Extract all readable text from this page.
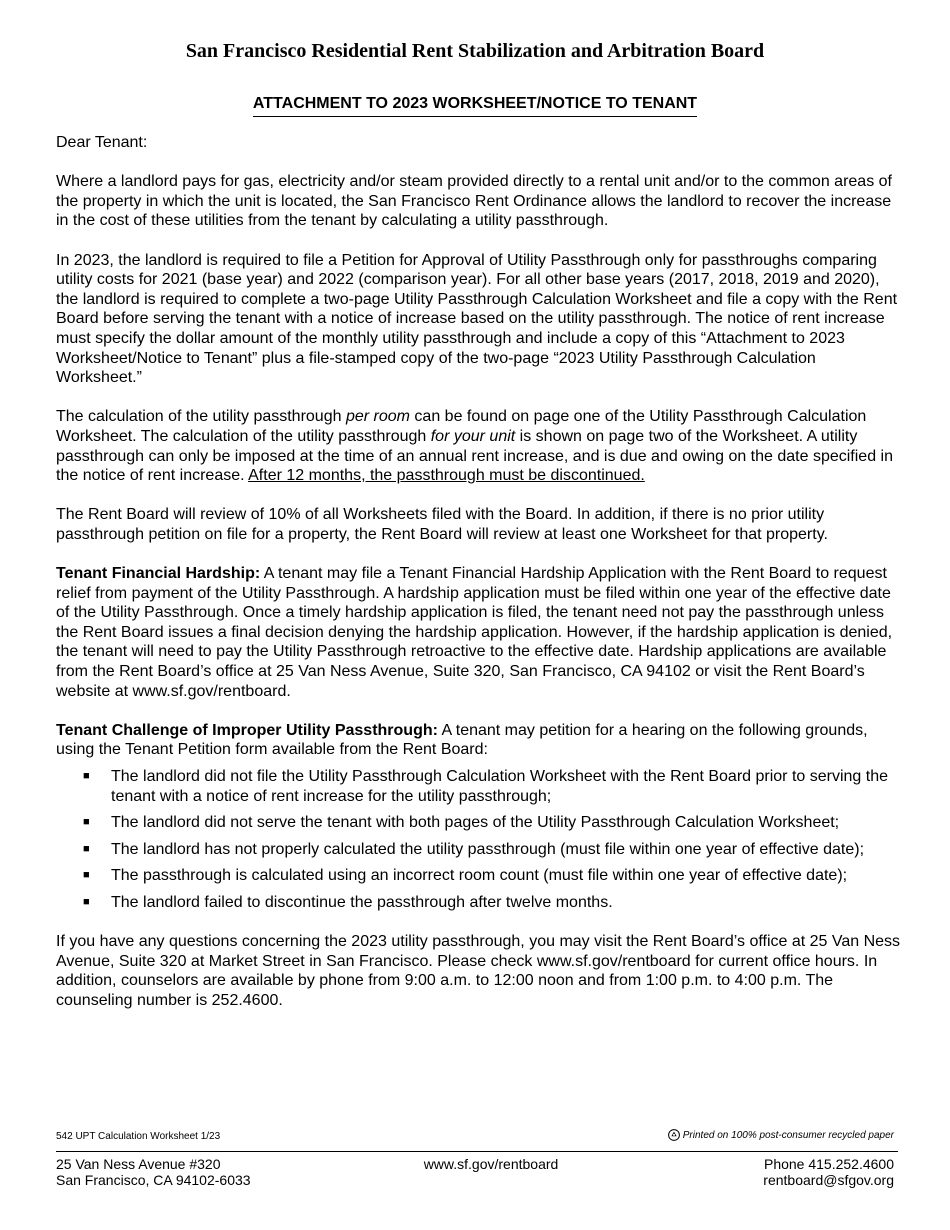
San Francisco Residential Rent Stabilization and Arbitration Board
ATTACHMENT TO 2023 WORKSHEET/NOTICE TO TENANT

Dear Tenant:

Where a landlord pays for gas, electricity and/or steam provided directly to a rental unit and/or to the common areas of the property in which the unit is located, the San Francisco Rent Ordinance allows the landlord to recover the increase in the cost of these utilities from the tenant by calculating a utility passthrough.

In 2023, the landlord is required to file a Petition for Approval of Utility Passthrough only for passthroughs comparing utility costs for 2021 (base year) and 2022 (comparison year). For all other base years (2017, 2018, 2019 and 2020), the landlord is required to complete a two-page Utility Passthrough Calculation Worksheet and file a copy with the Rent Board before serving the tenant with a notice of increase based on the utility passthrough. The notice of rent increase must specify the dollar amount of the monthly utility passthrough and include a copy of this “Attachment to 2023 Worksheet/Notice to Tenant” plus a file-stamped copy of the two-page “2023 Utility Passthrough Calculation Worksheet.”

The calculation of the utility passthrough per room can be found on page one of the Utility Passthrough Calculation Worksheet. The calculation of the utility passthrough for your unit is shown on page two of the Worksheet. A utility passthrough can only be imposed at the time of an annual rent increase, and is due and owing on the date specified in the notice of rent increase. After 12 months, the passthrough must be discontinued.

The Rent Board will review of 10% of all Worksheets filed with the Board. In addition, if there is no prior utility passthrough petition on file for a property, the Rent Board will review at least one Worksheet for that property.

Tenant Financial Hardship: A tenant may file a Tenant Financial Hardship Application with the Rent Board to request relief from payment of the Utility Passthrough. A hardship application must be filed within one year of the effective date of the Utility Passthrough. Once a timely hardship application is filed, the tenant need not pay the passthrough unless the Rent Board issues a final decision denying the hardship application. However, if the hardship application is denied, the tenant will need to pay the Utility Passthrough retroactive to the effective date. Hardship applications are available from the Rent Board’s office at 25 Van Ness Avenue, Suite 320, San Francisco, CA 94102 or visit the Rent Board’s website at www.sf.gov/rentboard.

Tenant Challenge of Improper Utility Passthrough: A tenant may petition for a hearing on the following grounds, using the Tenant Petition form available from the Rent Board:

■ The landlord did not file the Utility Passthrough Calculation Worksheet with the Rent Board prior to serving the tenant with a notice of rent increase for the utility passthrough;
■ The landlord did not serve the tenant with both pages of the Utility Passthrough Calculation Worksheet;
■ The landlord has not properly calculated the utility passthrough (must file within one year of effective date);
■ The passthrough is calculated using an incorrect room count (must file within one year of effective date);
■ The landlord failed to discontinue the passthrough after twelve months.

If you have any questions concerning the 2023 utility passthrough, you may visit the Rent Board’s office at 25 Van Ness Avenue, Suite 320 at Market Street in San Francisco. Please check www.sf.gov/rentboard for current office hours. In addition, counselors are available by phone from 9:00 a.m. to 12:00 noon and from 1:00 p.m. to 4:00 p.m. The counseling number is 252.4600.

542 UPT Calculation Worksheet 1/23	Printed on 100% post-consumer recycled paper
25 Van Ness Avenue #320
San Francisco, CA 94102-6033
www.sf.gov/rentboard	Phone 415.252.4600
rentboard@sfgov.org
